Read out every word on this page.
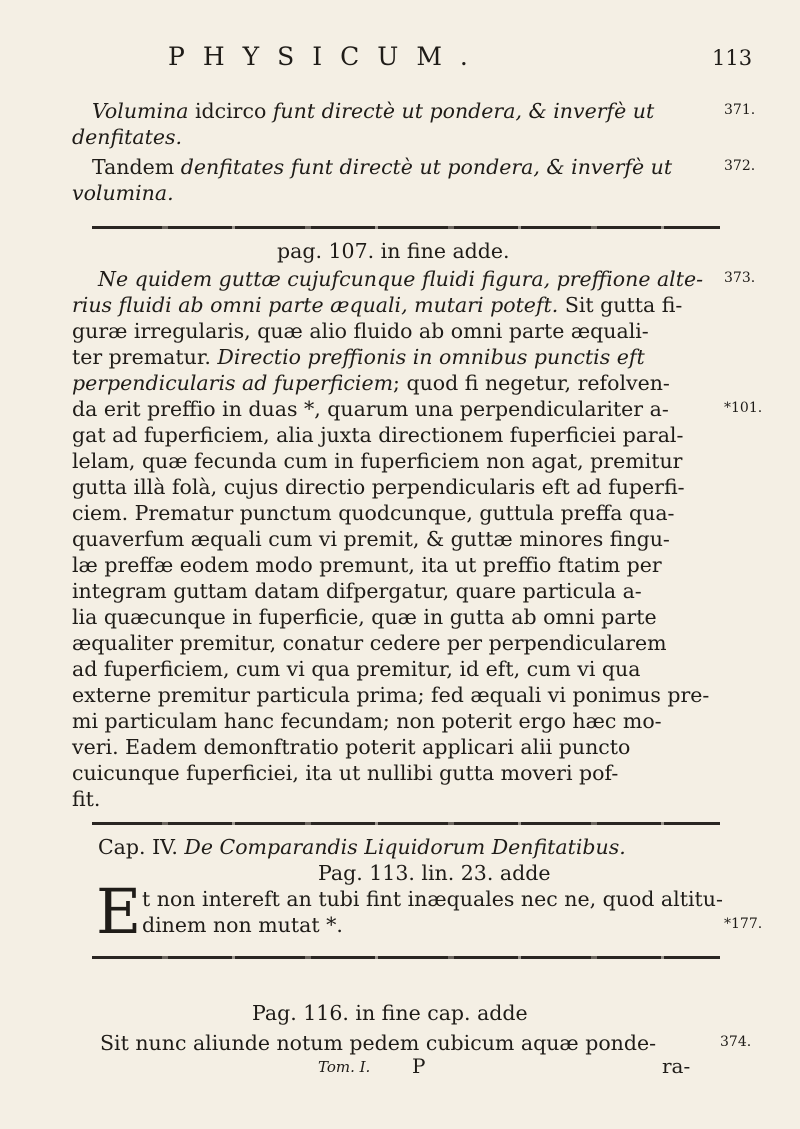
PHYSICUM.	113
Volumina idcirco funt directè ut pondera, & inverfè ut	371.
denfitates.
Tandem denfitates funt directè ut pondera, & inverfè ut	372.
volumina.
pag. 107. in fine adde.
Ne quidem guttæ cujufcunque fluidi figura, preffione alte- 373.
rius fluidi ab omni parte æquali, mutari poteft. Sit gutta fi-
guræ irregularis, quæ alio fluido ab omni parte æquali-
ter prematur. Directio preffionis in omnibus punctis eft
perpendicularis ad fuperficiem; quod fi negetur, refolven-
da erit preffio in duas *, quarum una perpendiculariter a-	*101.
gat ad fuperficiem, alia juxta directionem fuperficiei paral-
lelam, quæ fecunda cum in fuperficiem non agat, premitur
gutta illà folà, cujus directio perpendicularis eft ad fuperfi-
ciem. Prematur punctum quodcunque, guttula preffa qua-
quaverfum æquali cum vi premit, & guttæ minores fingu-
læ preffæ eodem modo premunt, ita ut preffio ftatim per
integram guttam datam difpergatur, quare particula a-
lia quæcunque in fuperficie, quæ in gutta ab omni parte
æqualiter premitur, conatur cedere per perpendicularem
ad fuperficiem, cum vi qua premitur, id eft, cum vi qua
externe premitur particula prima; fed æquali vi ponimus pre-
mi particulam hanc fecundam; non poterit ergo hæc mo-
veri. Eadem demonftratio poterit applicari alii puncto
cuicunque fuperficiei, ita ut nullibi gutta moveri pof-
fit.
Cap. IV. De Comparandis Liquidorum Denfitatibus.
Pag. 113. lin. 23. adde
E t non intereft an tubi fint inæquales nec ne, quod altitu-
dinem non mutat *.	*177.
Pag. 116. in fine cap. adde
Sit nunc aliunde notum pedem cubicum aquæ ponde-	374.
Tom. I. P	ra-
